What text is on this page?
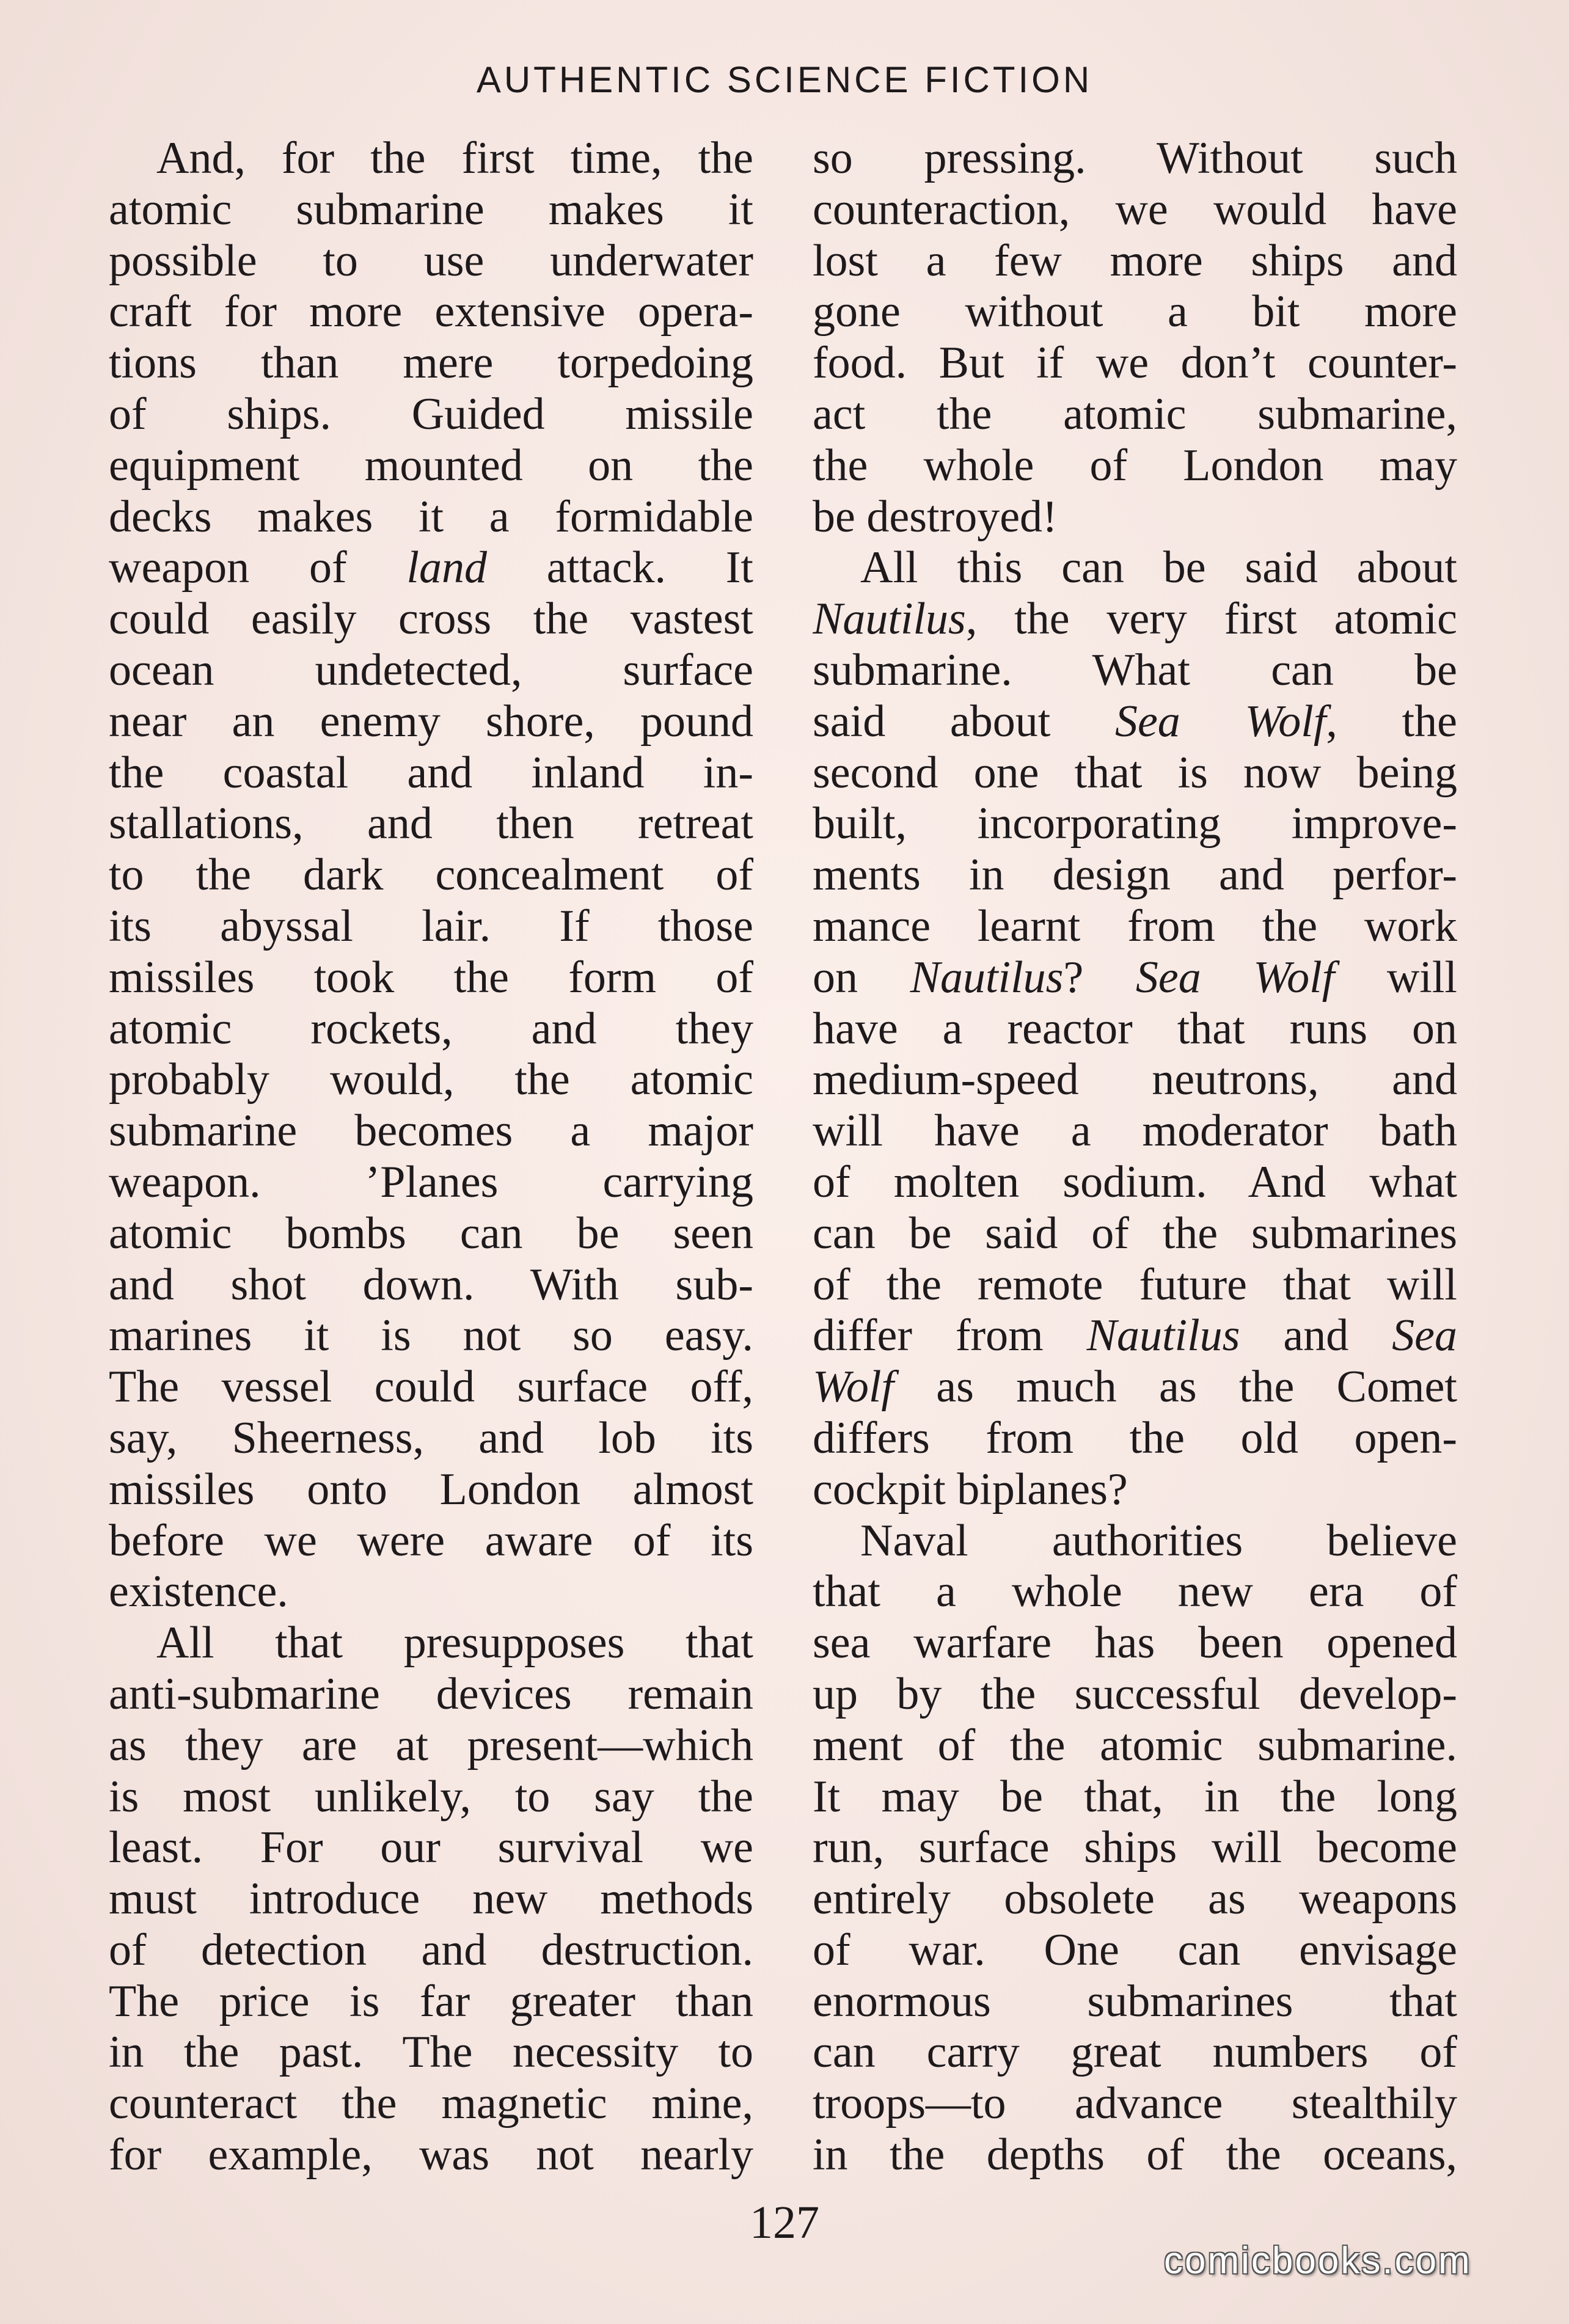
AUTHENTIC SCIENCE FICTION
And, for the first time, the
atomic submarine makes it
possible to use underwater
craft for more extensive opera-
tions than mere torpedoing
of ships. Guided missile
equipment mounted on the
decks makes it a formidable
weapon of land attack. It
could easily cross the vastest
ocean undetected, surface
near an enemy shore, pound
the coastal and inland in-
stallations, and then retreat
to the dark concealment of
its abyssal lair. If those
missiles took the form of
atomic rockets, and they
probably would, the atomic
submarine becomes a major
weapon. ’Planes carrying
atomic bombs can be seen
and shot down. With sub-
marines it is not so easy.
The vessel could surface off,
say, Sheerness, and lob its
missiles onto London almost
before we were aware of its
existence.
All that presupposes that
anti-submarine devices remain
as they are at present—which
is most unlikely, to say the
least. For our survival we
must introduce new methods
of detection and destruction.
The price is far greater than
in the past. The necessity to
counteract the magnetic mine,
for example, was not nearly
so pressing. Without such
counteraction, we would have
lost a few more ships and
gone without a bit more
food. But if we don’t counter-
act the atomic submarine,
the whole of London may
be destroyed!
All this can be said about
Nautilus, the very first atomic
submarine. What can be
said about Sea Wolf, the
second one that is now being
built, incorporating improve-
ments in design and perfor-
mance learnt from the work
on Nautilus? Sea Wolf will
have a reactor that runs on
medium-speed neutrons, and
will have a moderator bath
of molten sodium. And what
can be said of the submarines
of the remote future that will
differ from Nautilus and Sea
Wolf as much as the Comet
differs from the old open-
cockpit biplanes?
Naval authorities believe
that a whole new era of
sea warfare has been opened
up by the successful develop-
ment of the atomic submarine.
It may be that, in the long
run, surface ships will become
entirely obsolete as weapons
of war. One can envisage
enormous submarines that
can carry great numbers of
troops—to advance stealthily
in the depths of the oceans,
127
comicbooks.com
